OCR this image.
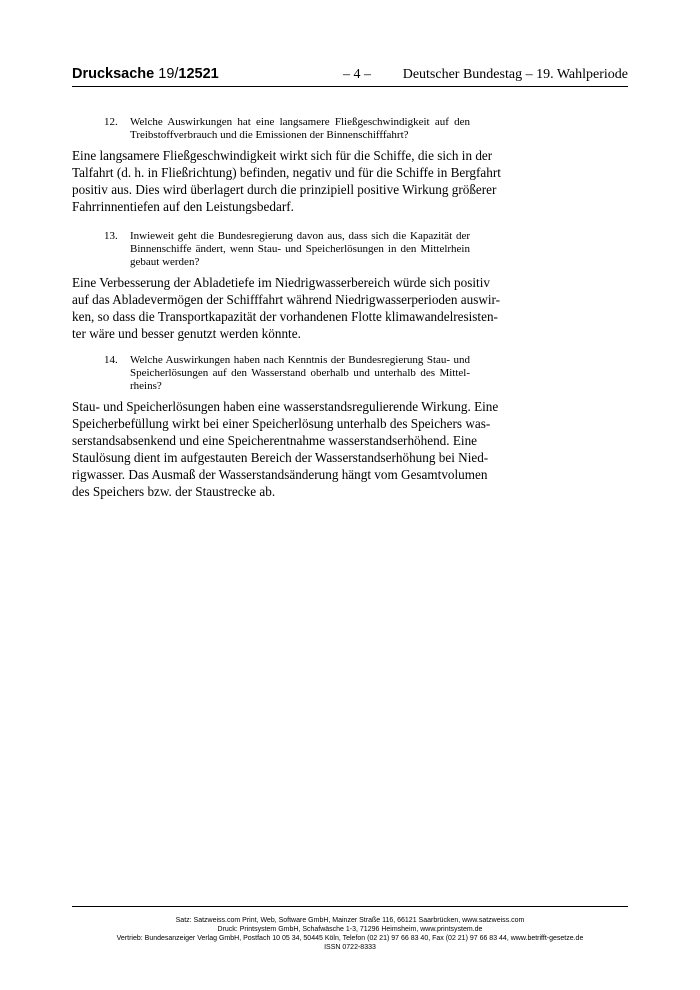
Drucksache 19/12521	– 4 –	Deutscher Bundestag – 19. Wahlperiode
12. Welche Auswirkungen hat eine langsamere Fließgeschwindigkeit auf den
Treibstoffverbrauch und die Emissionen der Binnenschifffahrt?
Eine langsamere Fließgeschwindigkeit wirkt sich für die Schiffe, die sich in der
Talfahrt (d. h. in Fließrichtung) befinden, negativ und für die Schiffe in Bergfahrt
positiv aus. Dies wird überlagert durch die prinzipiell positive Wirkung größerer
Fahrrinnentiefen auf den Leistungsbedarf.
13. Inwieweit geht die Bundesregierung davon aus, dass sich die Kapazität der
Binnenschiffe ändert, wenn Stau- und Speicherlösungen in den Mittelrhein
gebaut werden?
Eine Verbesserung der Abladetiefe im Niedrigwasserbereich würde sich positiv
auf das Abladevermögen der Schifffahrt während Niedrigwasserperioden auswir-
ken, so dass die Transportkapazität der vorhandenen Flotte klimawandelresisten-
ter wäre und besser genutzt werden könnte.
14. Welche Auswirkungen haben nach Kenntnis der Bundesregierung Stau- und
Speicherlösungen auf den Wasserstand oberhalb und unterhalb des Mittel-
rheins?
Stau- und Speicherlösungen haben eine wasserstandsregulierende Wirkung. Eine
Speicherbefüllung wirkt bei einer Speicherlösung unterhalb des Speichers was-
serstandsabsenkend und eine Speicherentnahme wasserstandserhöhend. Eine
Staulösung dient im aufgestauten Bereich der Wasserstandserhöhung bei Nied-
rigwasser. Das Ausmaß der Wasserstandsänderung hängt vom Gesamtvolumen
des Speichers bzw. der Staustrecke ab.
Satz: Satzweiss.com Print, Web, Software GmbH, Mainzer Straße 116, 66121 Saarbrücken, www.satzweiss.com
Druck: Printsystem GmbH, Schafwäsche 1-3, 71296 Heimsheim, www.printsystem.de
Vertrieb: Bundesanzeiger Verlag GmbH, Postfach 10 05 34, 50445 Köln, Telefon (02 21) 97 66 83 40, Fax (02 21) 97 66 83 44, www.betrifft-gesetze.de
ISSN 0722-8333
